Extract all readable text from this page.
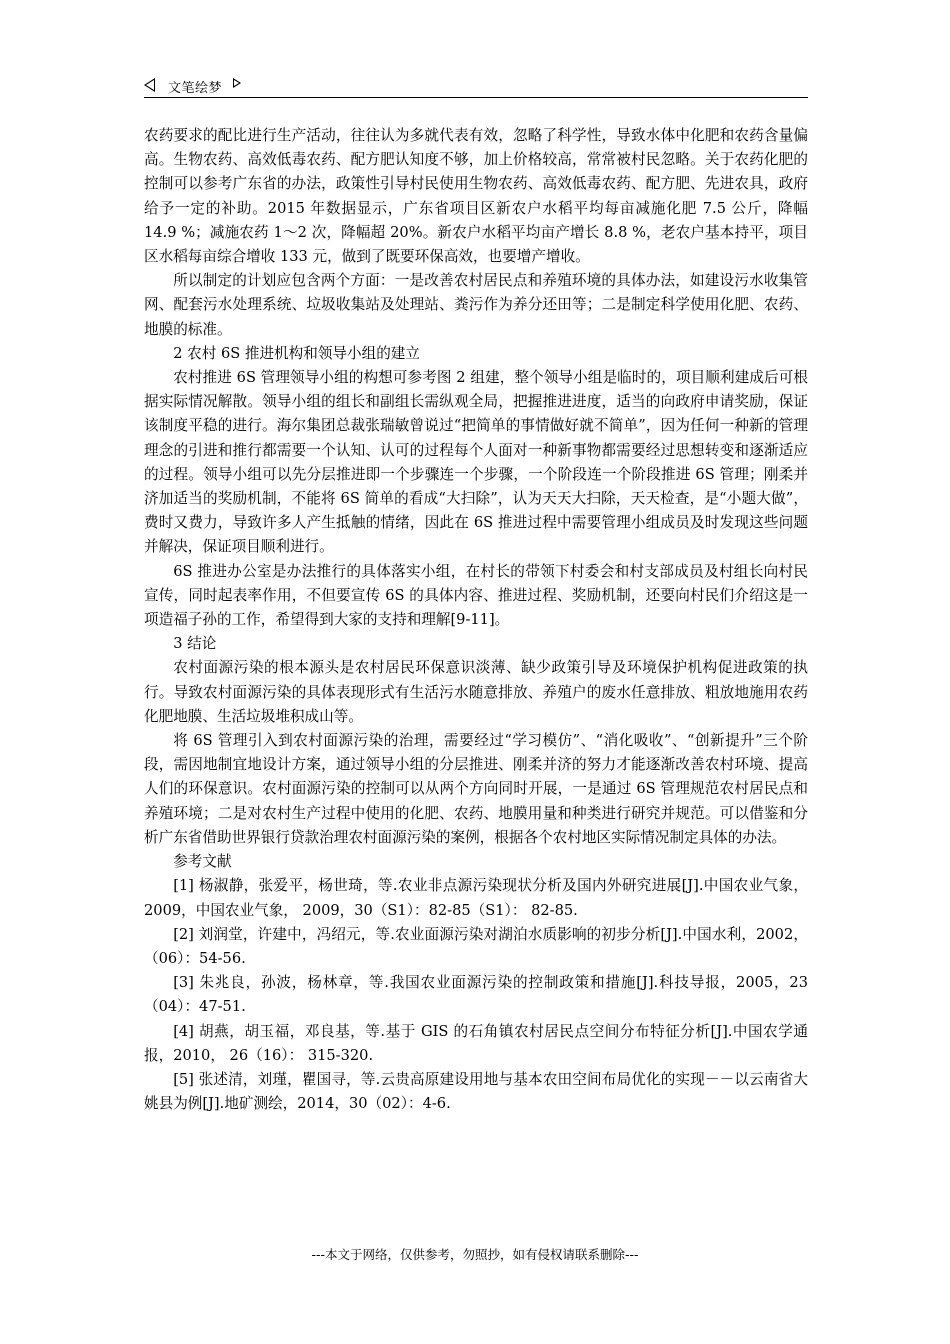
文笔绘梦

农药要求的配比进行生产活动，往往认为多就代表有效，忽略了科学性，导致水体中化肥和农药含量偏高。生物农药、高效低毒农药、配方肥认知度不够，加上价格较高，常常被村民忽略。关于农药化肥的控制可以参考广东省的办法，政策性引导村民使用生物农药、高效低毒农药、配方肥、先进农具，政府给予一定的补助。2015 年数据显示，广东省项目区新农户水稻平均每亩减施化肥 7.5 公斤，降幅 14.9 %；减施农药 1～2 次，降幅超 20%。新农户水稻平均亩产增长 8.8 %，老农户基本持平，项目区水稻每亩综合增收 133 元，做到了既要环保高效，也要增产增收。

所以制定的计划应包含两个方面：一是改善农村居民点和养殖环境的具体办法，如建设污水收集管网、配套污水处理系统、垃圾收集站及处理站、粪污作为养分还田等；二是制定科学使用化肥、农药、地膜的标准。

2 农村 6S 推进机构和领导小组的建立

农村推进 6S 管理领导小组的构想可参考图 2 组建，整个领导小组是临时的，项目顺利建成后可根据实际情况解散。领导小组的组长和副组长需纵观全局，把握推进进度，适当的向政府申请奖励，保证该制度平稳的进行。海尔集团总裁张瑞敏曾说过“把简单的事情做好就不简单”，因为任何一种新的管理理念的引进和推行都需要一个认知、认可的过程每个人面对一种新事物都需要经过思想转变和逐渐适应的过程。领导小组可以先分层推进即一个步骤连一个步骤，一个阶段连一个阶段推进 6S 管理；刚柔并济加适当的奖励机制，不能将 6S 简单的看成“大扫除”，认为天天大扫除，天天检查，是“小题大做”，费时又费力，导致许多人产生抵触的情绪，因此在 6S 推进过程中需要管理小组成员及时发现这些问题并解决，保证项目顺利进行。

6S 推进办公室是办法推行的具体落实小组，在村长的带领下村委会和村支部成员及村组长向村民宣传，同时起表率作用，不但要宣传 6S 的具体内容、推进过程、奖励机制，还要向村民们介绍这是一项造福子孙的工作，希望得到大家的支持和理解[9-11]。

3 结论

农村面源污染的根本源头是农村居民环保意识淡薄、缺少政策引导及环境保护机构促进政策的执行。导致农村面源污染的具体表现形式有生活污水随意排放、养殖户的废水任意排放、粗放地施用农药化肥地膜、生活垃圾堆积成山等。

将 6S 管理引入到农村面源污染的治理，需要经过“学习模仿”、“消化吸收”、“创新提升”三个阶段，需因地制宜地设计方案，通过领导小组的分层推进、刚柔并济的努力才能逐渐改善农村环境、提高人们的环保意识。农村面源污染的控制可以从两个方向同时开展，一是通过 6S 管理规范农村居民点和养殖环境；二是对农村生产过程中使用的化肥、农药、地膜用量和种类进行研究并规范。可以借鉴和分析广东省借助世界银行贷款治理农村面源污染的案例，根据各个农村地区实际情况制定具体的办法。

参考文献

[1] 杨淑静，张爱平，杨世琦，等.农业非点源污染现状分析及国内外研究进展[J].中国农业气象，2009，中国农业气象， 2009，30（S1）：82-85（S1）： 82-85.

[2] 刘润堂，许建中，冯绍元，等.农业面源污染对湖泊水质影响的初步分析[J].中国水利，2002，（06）：54-56.

[3] 朱兆良，孙波，杨林章，等.我国农业面源污染的控制政策和措施[J].科技导报，2005，23（04）：47-51.

[4] 胡燕，胡玉福，邓良基，等.基于 GIS 的石角镇农村居民点空间分布特征分析[J].中国农学通报，2010， 26（16）： 315-320.

[5] 张述清，刘瑾，瞿国寻，等.云贵高原建设用地与基本农田空间布局优化的实现－－以云南省大姚县为例[J].地矿测绘，2014，30（02）：4-6.

---本文于网络，仅供参考，勿照抄，如有侵权请联系删除---
